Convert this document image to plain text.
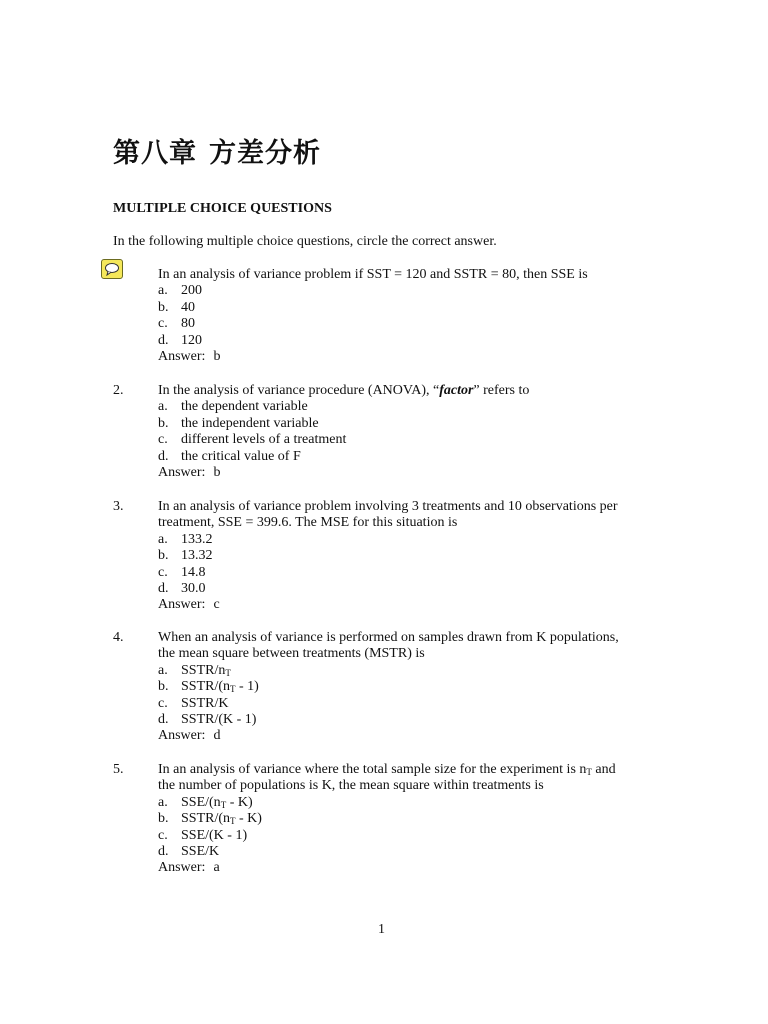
第八章 方差分析
MULTIPLE CHOICE QUESTIONS
In the following multiple choice questions, circle the correct answer.
In an analysis of variance problem if SST = 120 and SSTR = 80, then SSE is
a. 200
b. 40
c. 80
d. 120
Answer: b
2. In the analysis of variance procedure (ANOVA), “factor” refers to
a. the dependent variable
b. the independent variable
c. different levels of a treatment
d. the critical value of F
Answer: b
3. In an analysis of variance problem involving 3 treatments and 10 observations per
treatment, SSE = 399.6. The MSE for this situation is
a. 133.2
b. 13.32
c. 14.8
d. 30.0
Answer: c
4. When an analysis of variance is performed on samples drawn from K populations,
the mean square between treatments (MSTR) is
a. SSTR/$n_T$
b. SSTR/$(n_T - 1)$
c. SSTR/K
d. SSTR/(K - 1)
Answer: d
5. In an analysis of variance where the total sample size for the experiment is $n_T$ and
the number of populations is K, the mean square within treatments is
a. SSE/$(n_T - K)$
b. SSTR/$(n_T - K)$
c. SSE/(K - 1)
d. SSE/K
Answer: a
1
